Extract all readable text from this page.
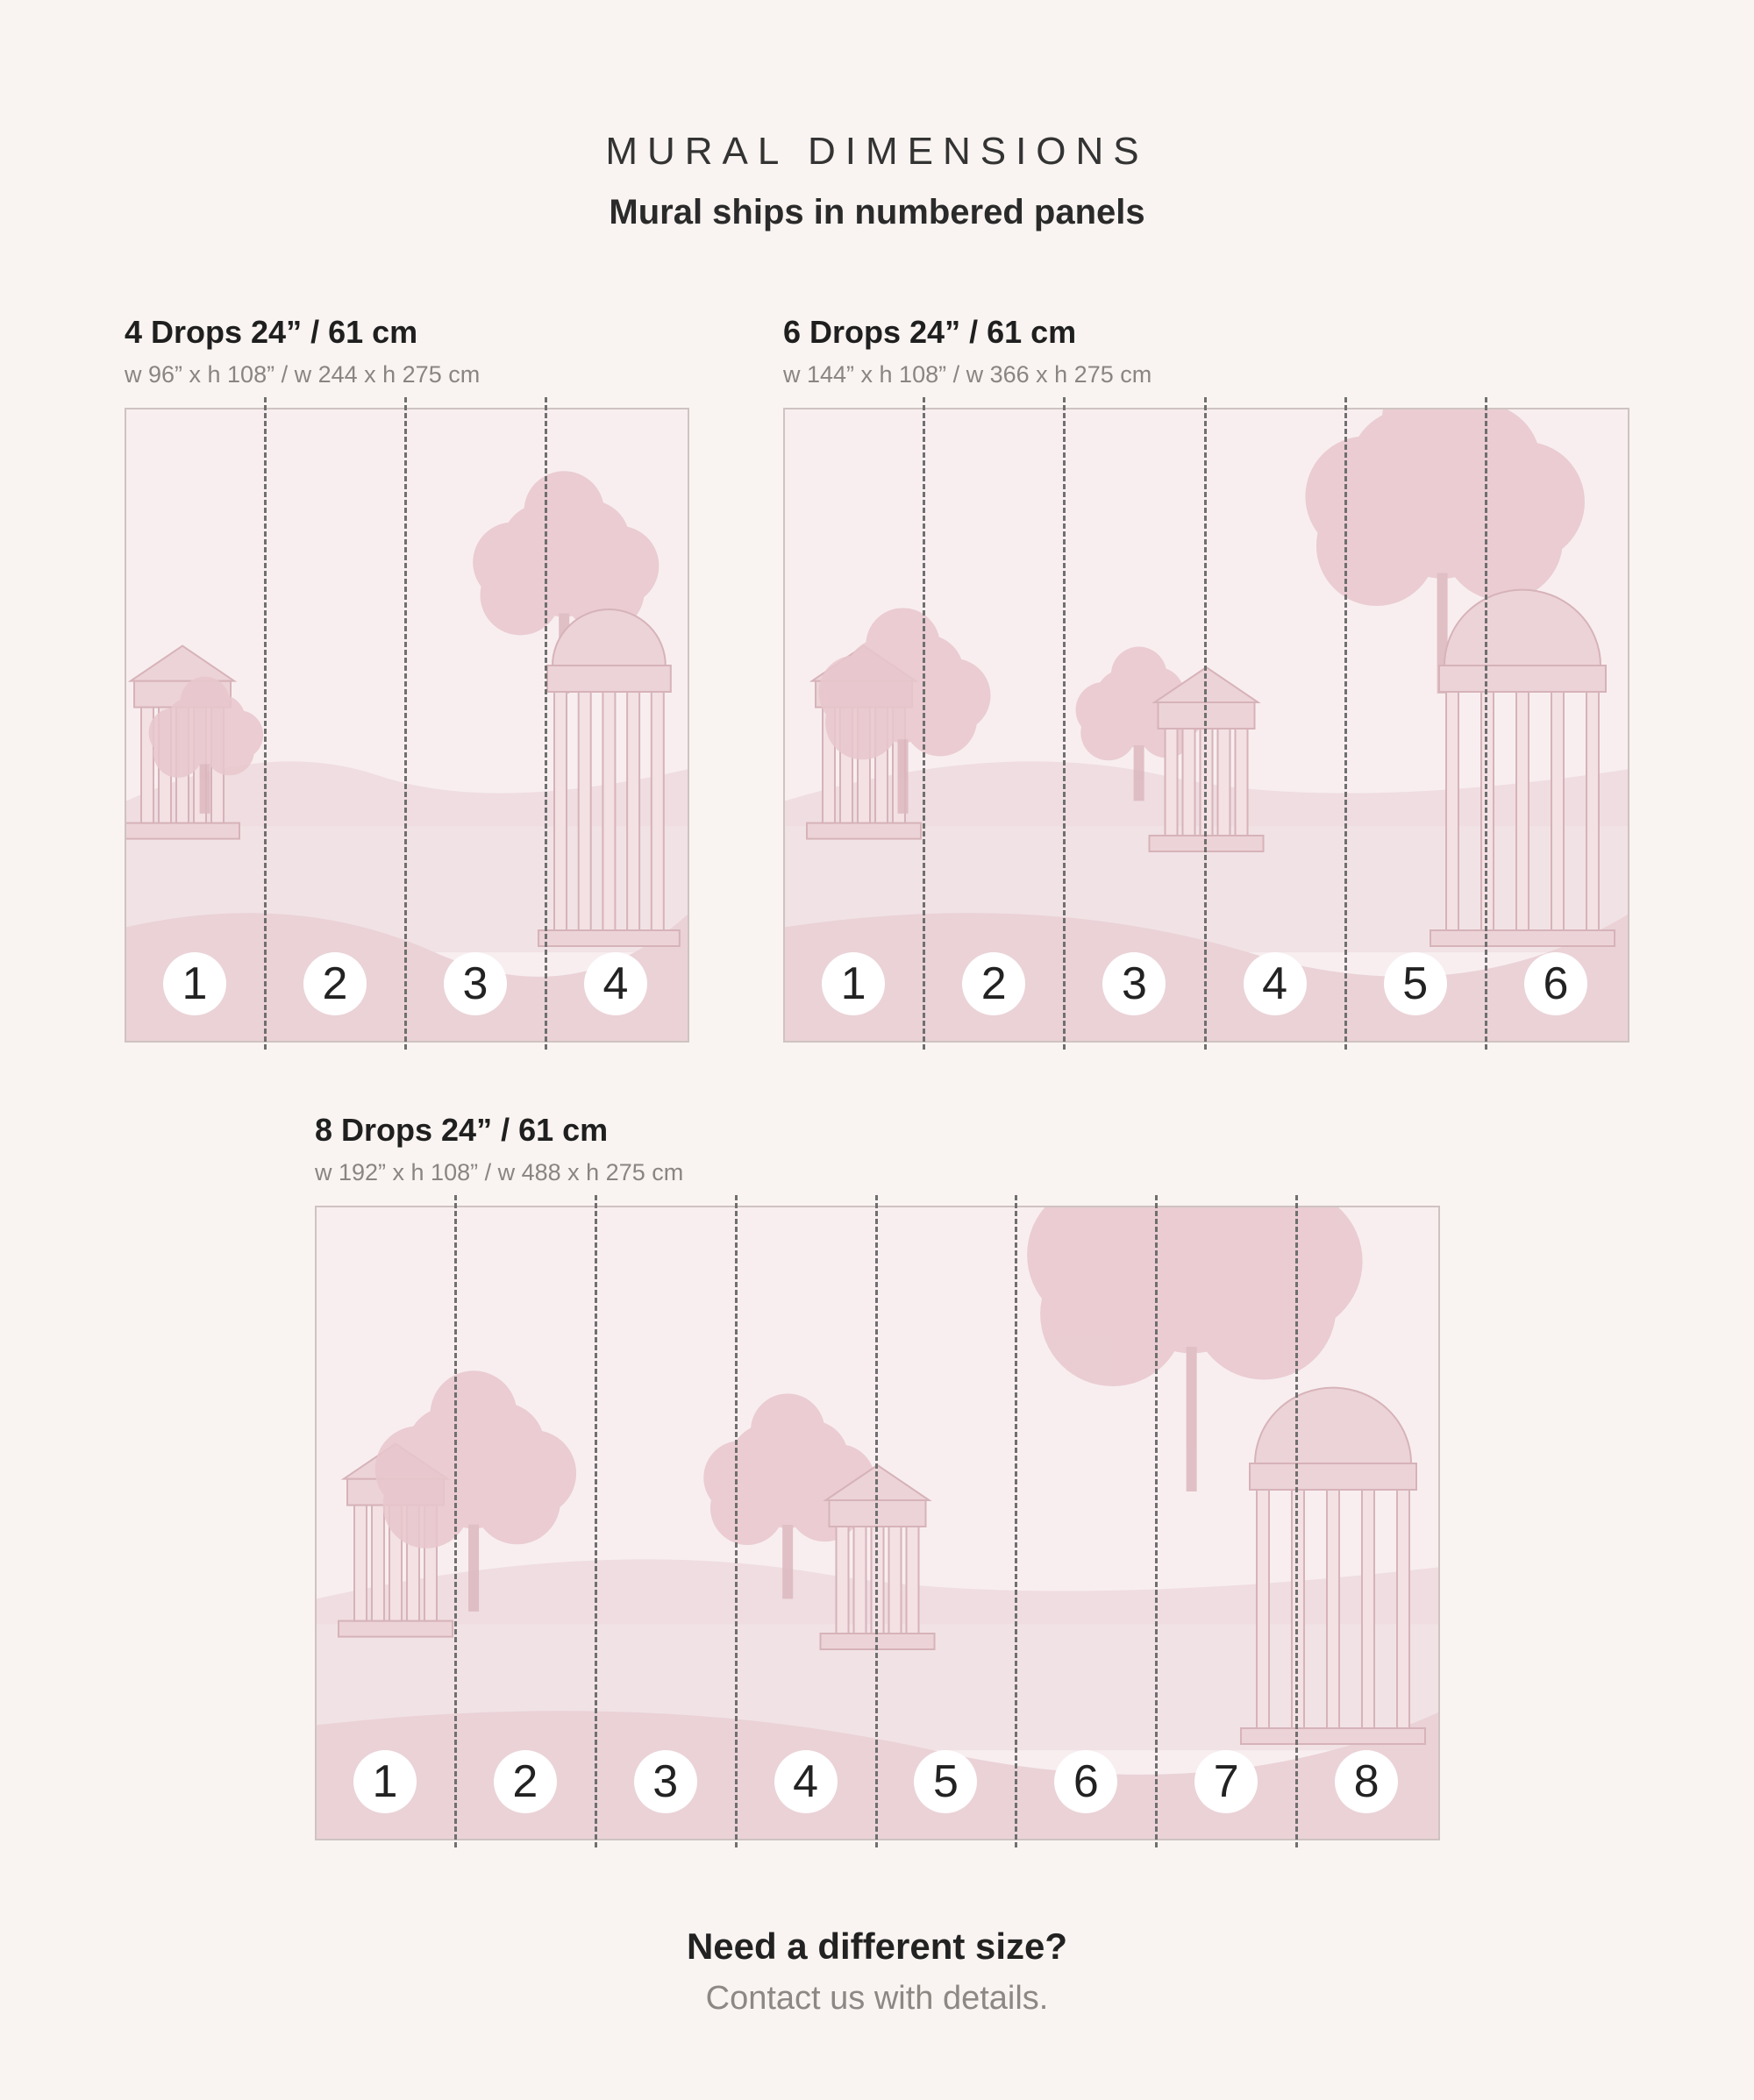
MURAL DIMENSIONS
Mural ships in numbered panels
4 Drops 24” / 61 cm
w 96” x h 108” / w 244 x h 275 cm
6 Drops 24” / 61 cm
w 144” x h 108” / w 366 x h 275 cm
8 Drops 24” / 61 cm
w 192” x h 108” / w 488 x h 275 cm
Need a different size?
Contact us with details.
1	2	3	4	1	2	3	4	5	6
1	2	3	4	5	6	7	8
